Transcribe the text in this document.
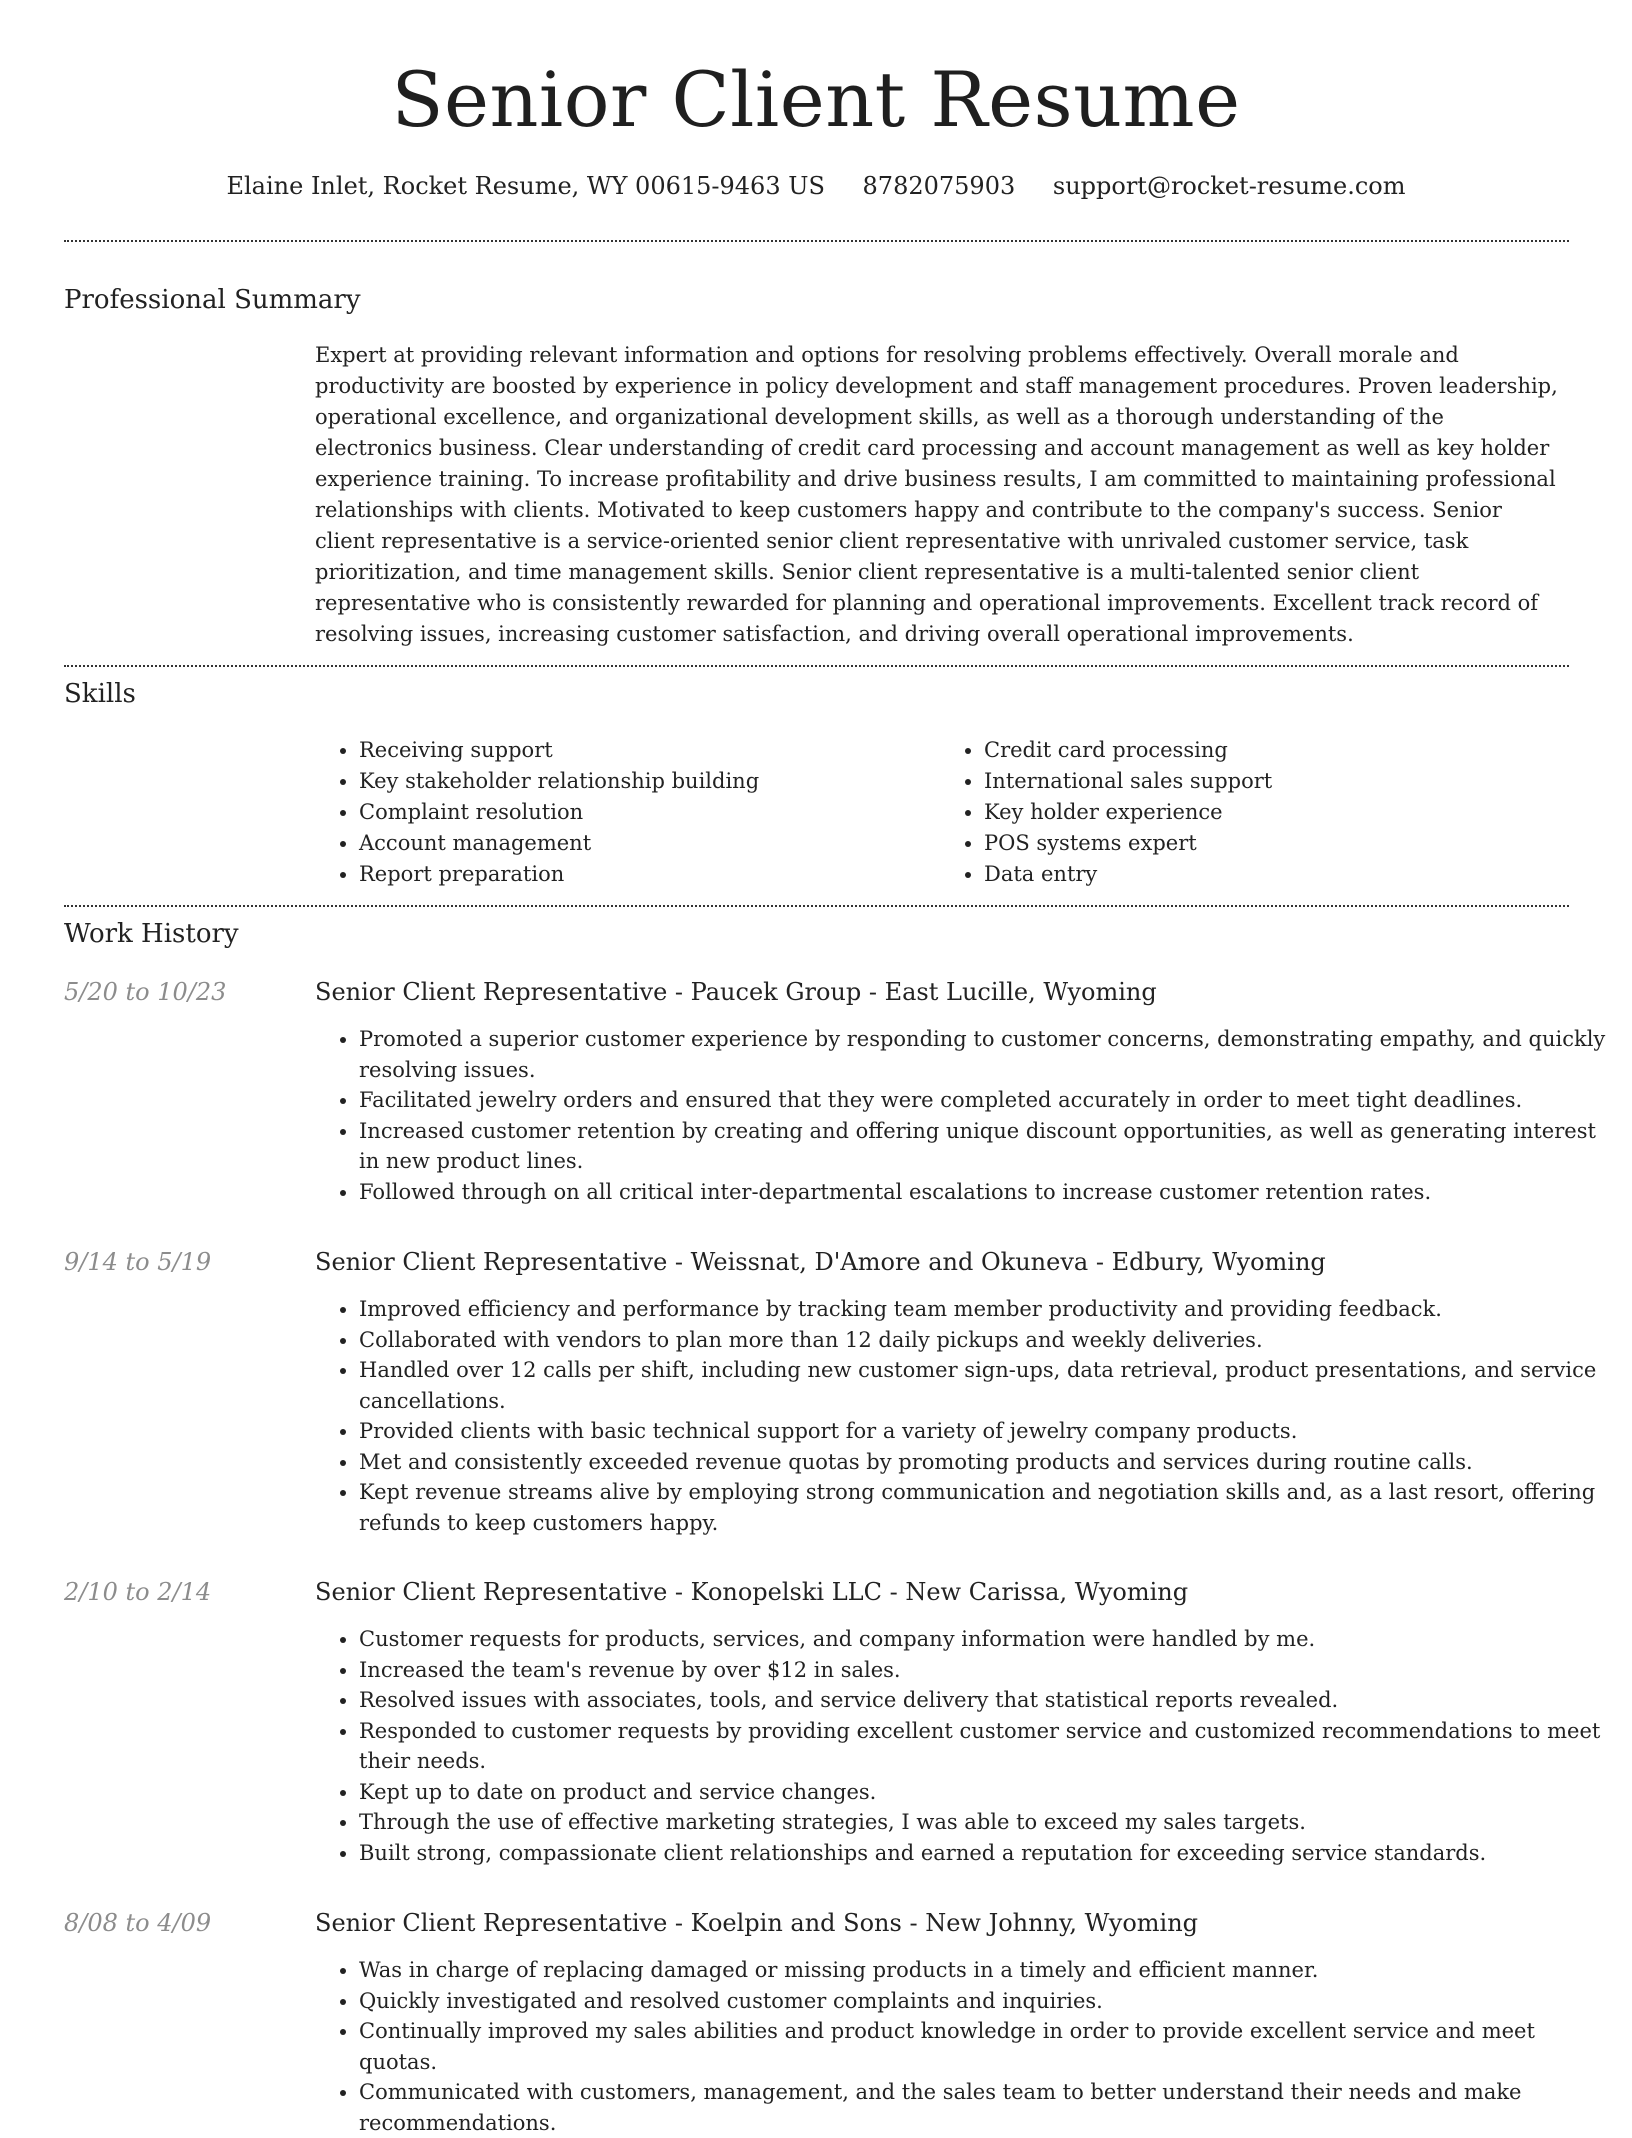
Senior Client Resume
Elaine Inlet, Rocket Resume, WY 00615-9463 US 8782075903 support@rocket-resume.com
Professional Summary

Expert at providing relevant information and options for resolving problems effectively. Overall morale and productivity are boosted by experience in policy development and staff management procedures. Proven leadership, operational excellence, and organizational development skills, as well as a thorough understanding of the electronics business. Clear understanding of credit card processing and account management as well as key holder experience training. To increase profitability and drive business results, I am committed to maintaining professional relationships with clients. Motivated to keep customers happy and contribute to the company's success. Senior client representative is a service-oriented senior client representative with unrivaled customer service, task prioritization, and time management skills. Senior client representative is a multi-talented senior client representative who is consistently rewarded for planning and operational improvements. Excellent track record of resolving issues, increasing customer satisfaction, and driving overall operational improvements.

Skills
• Receiving support
• Key stakeholder relationship building
• Complaint resolution
• Account management
• Report preparation
• Credit card processing
• International sales support
• Key holder experience
• POS systems expert
• Data entry
Work History
5/20 to 10/23	Senior Client Representative - Paucek Group - East Lucille, Wyoming
• Promoted a superior customer experience by responding to customer concerns, demonstrating empathy, and quickly resolving issues.
• Facilitated jewelry orders and ensured that they were completed accurately in order to meet tight deadlines.
• Increased customer retention by creating and offering unique discount opportunities, as well as generating interest in new product lines.
• Followed through on all critical inter-departmental escalations to increase customer retention rates.
9/14 to 5/19	Senior Client Representative - Weissnat, D'Amore and Okuneva - Edbury, Wyoming
• Improved efficiency and performance by tracking team member productivity and providing feedback.
• Collaborated with vendors to plan more than 12 daily pickups and weekly deliveries.
• Handled over 12 calls per shift, including new customer sign-ups, data retrieval, product presentations, and service cancellations.
• Provided clients with basic technical support for a variety of jewelry company products.
• Met and consistently exceeded revenue quotas by promoting products and services during routine calls.
• Kept revenue streams alive by employing strong communication and negotiation skills and, as a last resort, offering refunds to keep customers happy.
2/10 to 2/14	Senior Client Representative - Konopelski LLC - New Carissa, Wyoming
• Customer requests for products, services, and company information were handled by me.
• Increased the team's revenue by over $12 in sales.
• Resolved issues with associates, tools, and service delivery that statistical reports revealed.
• Responded to customer requests by providing excellent customer service and customized recommendations to meet their needs.
• Kept up to date on product and service changes.
• Through the use of effective marketing strategies, I was able to exceed my sales targets.
• Built strong, compassionate client relationships and earned a reputation for exceeding service standards.
8/08 to 4/09	Senior Client Representative - Koelpin and Sons - New Johnny, Wyoming
• Was in charge of replacing damaged or missing products in a timely and efficient manner.
• Quickly investigated and resolved customer complaints and inquiries.
• Continually improved my sales abilities and product knowledge in order to provide excellent service and meet quotas.
• Communicated with customers, management, and the sales team to better understand their needs and make recommendations.
